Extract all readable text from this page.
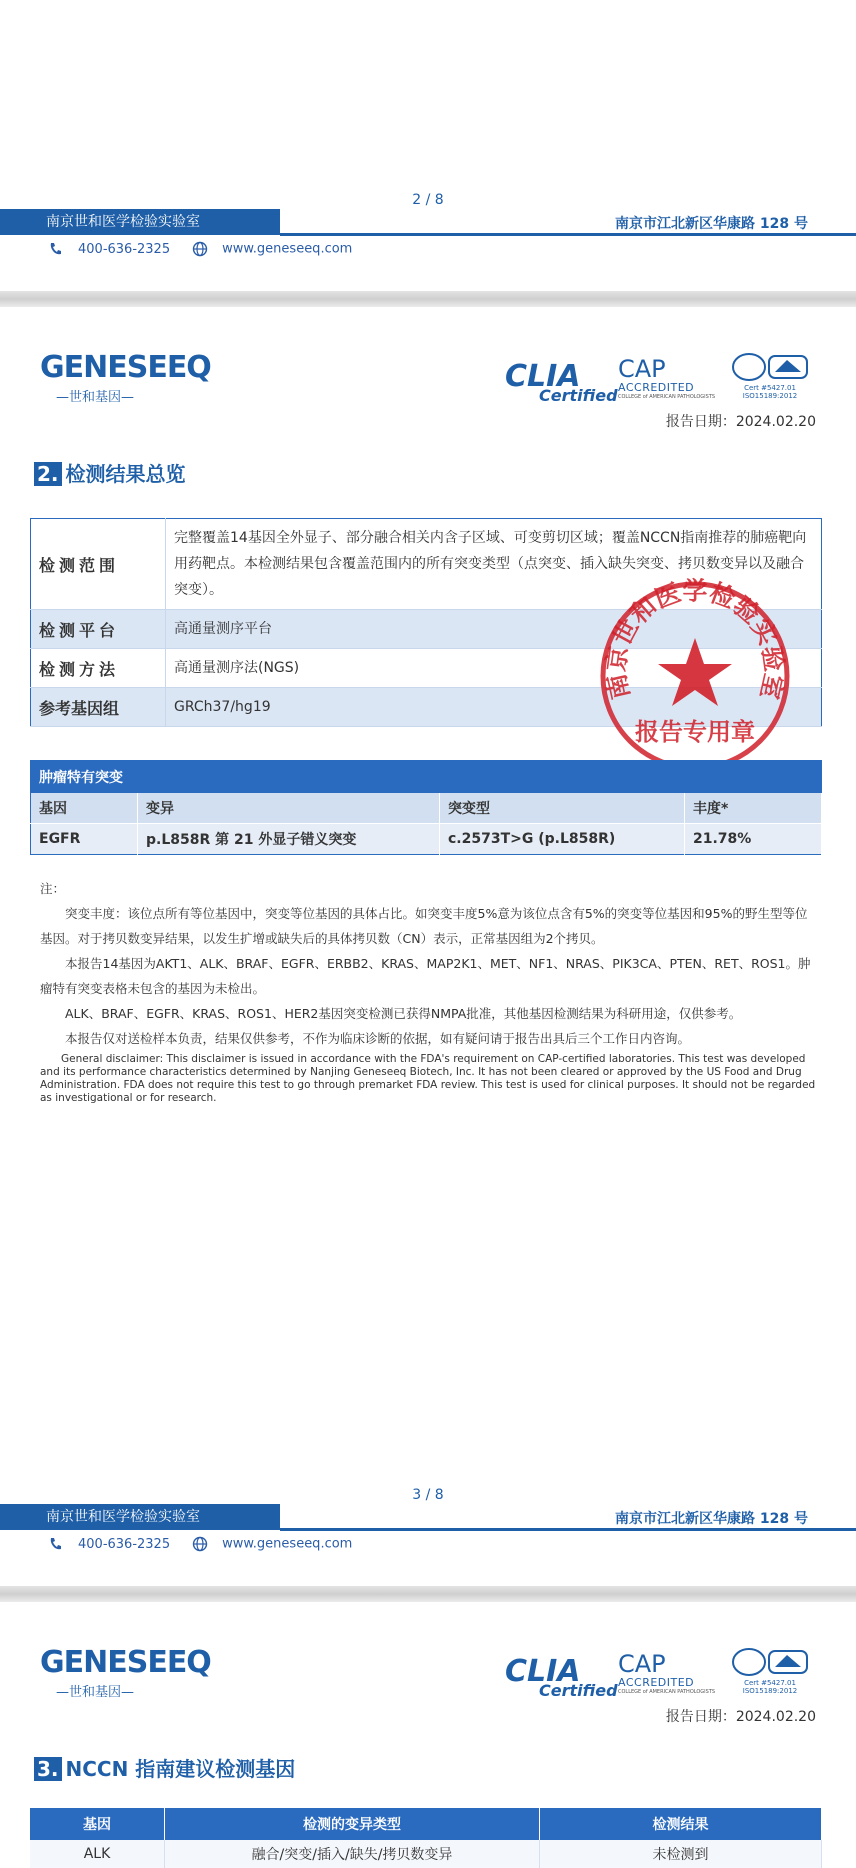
2 / 8
南京世和医学检验实验室	南京市江北新区华康路 128 号
400-636-2325	www.geneseeq.com
GENESEEQ
—世和基因—
CLIA
Certified
CAP
ACCREDITED
COLLEGE of AMERICAN PATHOLOGISTS
Cert #5427.01
ISO15189:2012
报告日期：2024.02.20
2. 检测结果总览
检测范围	完整覆盖14基因全外显子、部分融合相关内含子区域、可变剪切区域；覆盖NCCN指南推荐的肺癌靶向用药靶点。本检测结果包含覆盖范围内的所有突变类型（点突变、插入缺失突变、拷贝数变异以及融合突变）。
检测平台	高通量测序平台
检测方法	高通量测序法(NGS)
参考基因组	GRCh37/hg19
南京世和医学检验实验室
报告专用章
肿瘤特有突变			
基因	变异	突变型	丰度*
EGFR	p.L858R 第 21 外显子错义突变	c.2573T>G (p.L858R)	21.78%

注：

突变丰度：该位点所有等位基因中，突变等位基因的具体占比。如突变丰度5%意为该位点含有5%的突变等位基因和95%的野生型等位基因。对于拷贝数变异结果，以发生扩增或缺失后的具体拷贝数（CN）表示，正常基因组为2个拷贝。

本报告14基因为AKT1、ALK、BRAF、EGFR、ERBB2、KRAS、MAP2K1、MET、NF1、NRAS、PIK3CA、PTEN、RET、ROS1。肿瘤特有突变表格未包含的基因为未检出。

ALK、BRAF、EGFR、KRAS、ROS1、HER2基因突变检测已获得NMPA批准，其他基因检测结果为科研用途，仅供参考。

本报告仅对送检样本负责，结果仅供参考，不作为临床诊断的依据，如有疑问请于报告出具后三个工作日内咨询。

General disclaimer: This disclaimer is issued in accordance with the FDA's requirement on CAP-certified laboratories. This test was developed and its performance characteristics determined by Nanjing Geneseeq Biotech, Inc. It has not been cleared or approved by the US Food and Drug Administration. FDA does not require this test to go through premarket FDA review. This test is used for clinical purposes. It should not be regarded as investigational or for research.

3 / 8
南京世和医学检验实验室	南京市江北新区华康路 128 号
400-636-2325	www.geneseeq.com
GENESEEQ
—世和基因—
CLIA
Certified
CAP
ACCREDITED
COLLEGE of AMERICAN PATHOLOGISTS
Cert #5427.01
ISO15189:2012
报告日期：2024.02.20
3. NCCN 指南建议检测基因
基因	检测的变异类型	检测结果
ALK	融合/突变/插入/缺失/拷贝数变异	未检测到
